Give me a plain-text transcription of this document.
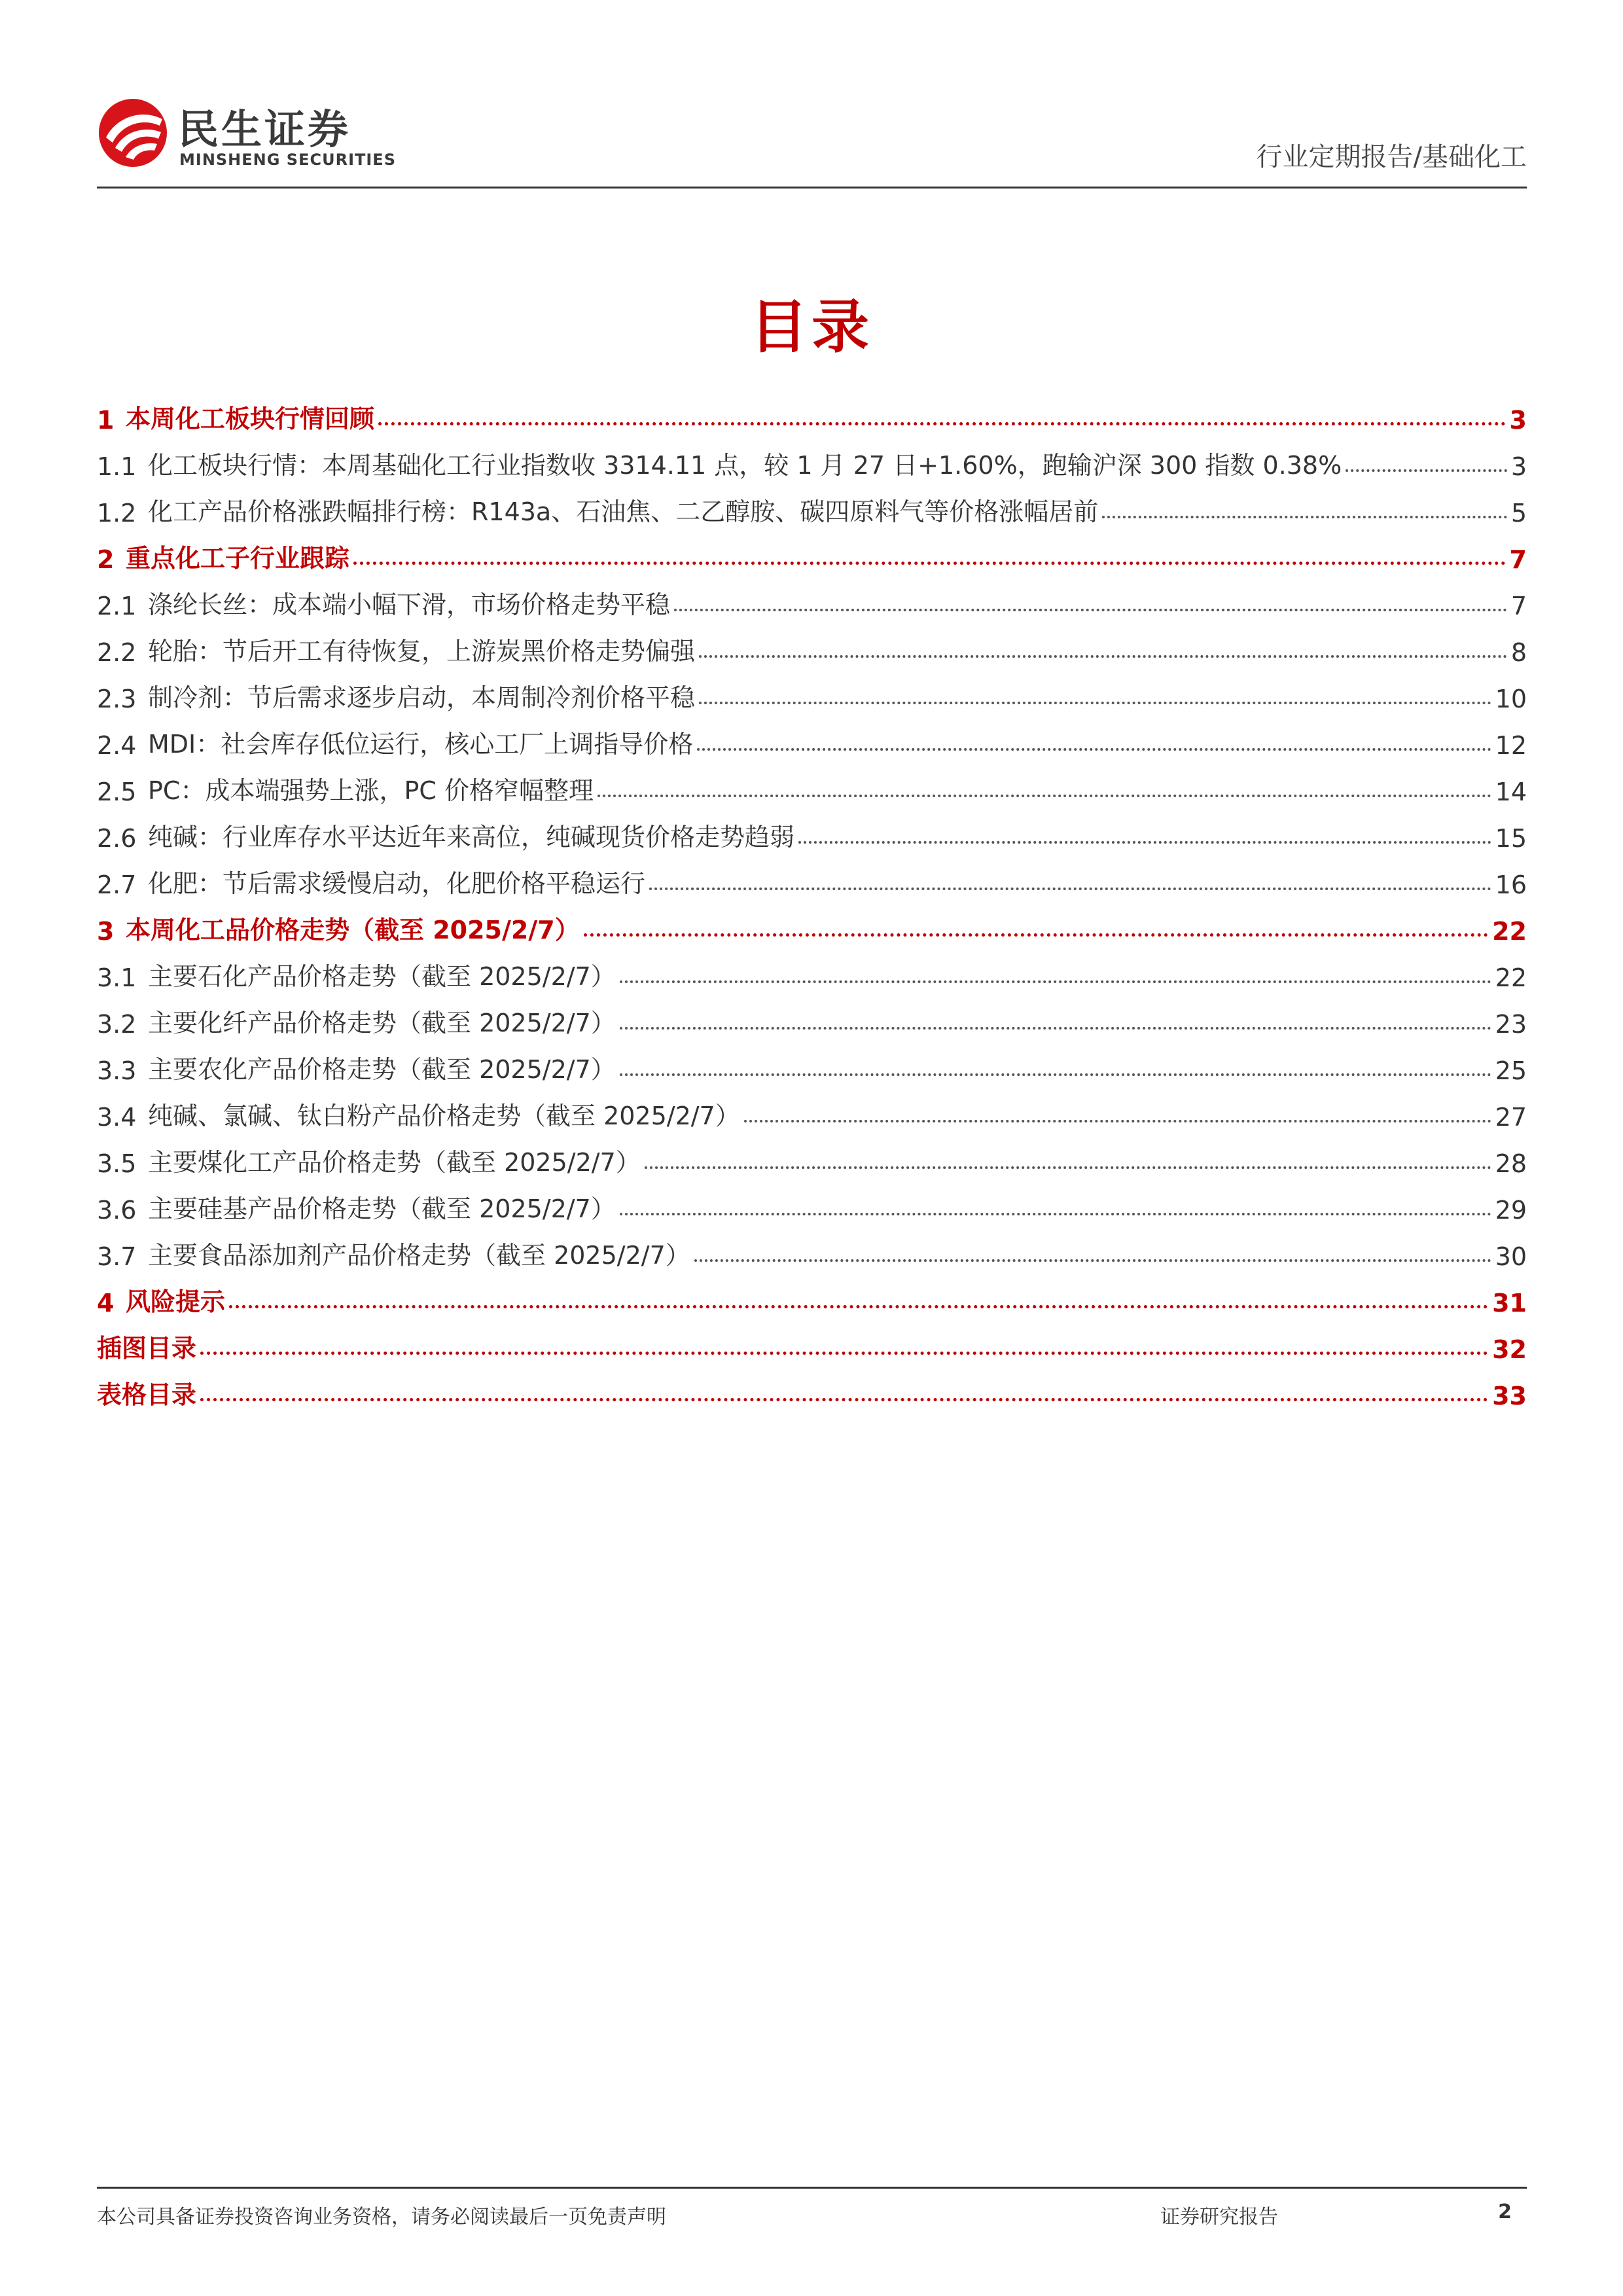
民生证券
MINSHENG SECURITIES	行业定期报告/基础化工
目录
1 本周化工板块行情回顾	3
1.1 化工板块行情：本周基础化工行业指数收 3314.11 点，较 1 月 27 日+1.60%，跑输沪深 300 指数 0.38%	3
1.2 化工产品价格涨跌幅排行榜：R143a、石油焦、二乙醇胺、碳四原料气等价格涨幅居前	5
2 重点化工子行业跟踪	7
2.1 涤纶长丝：成本端小幅下滑，市场价格走势平稳	7
2.2 轮胎：节后开工有待恢复，上游炭黑价格走势偏强	8
2.3 制冷剂：节后需求逐步启动，本周制冷剂价格平稳	10
2.4 MDI：社会库存低位运行，核心工厂上调指导价格	12
2.5 PC：成本端强势上涨，PC 价格窄幅整理	14
2.6 纯碱：行业库存水平达近年来高位，纯碱现货价格走势趋弱	15
2.7 化肥：节后需求缓慢启动，化肥价格平稳运行	16
3 本周化工品价格走势（截至 2025/2/7）	22
3.1 主要石化产品价格走势（截至 2025/2/7）	22
3.2 主要化纤产品价格走势（截至 2025/2/7）	23
3.3 主要农化产品价格走势（截至 2025/2/7）	25
3.4 纯碱、氯碱、钛白粉产品价格走势（截至 2025/2/7）	27
3.5 主要煤化工产品价格走势（截至 2025/2/7）	28
3.6 主要硅基产品价格走势（截至 2025/2/7）	29
3.7 主要食品添加剂产品价格走势（截至 2025/2/7）	30
4 风险提示	31
插图目录	32
表格目录	33
本公司具备证券投资咨询业务资格，请务必阅读最后一页免责声明	证券研究报告	2
